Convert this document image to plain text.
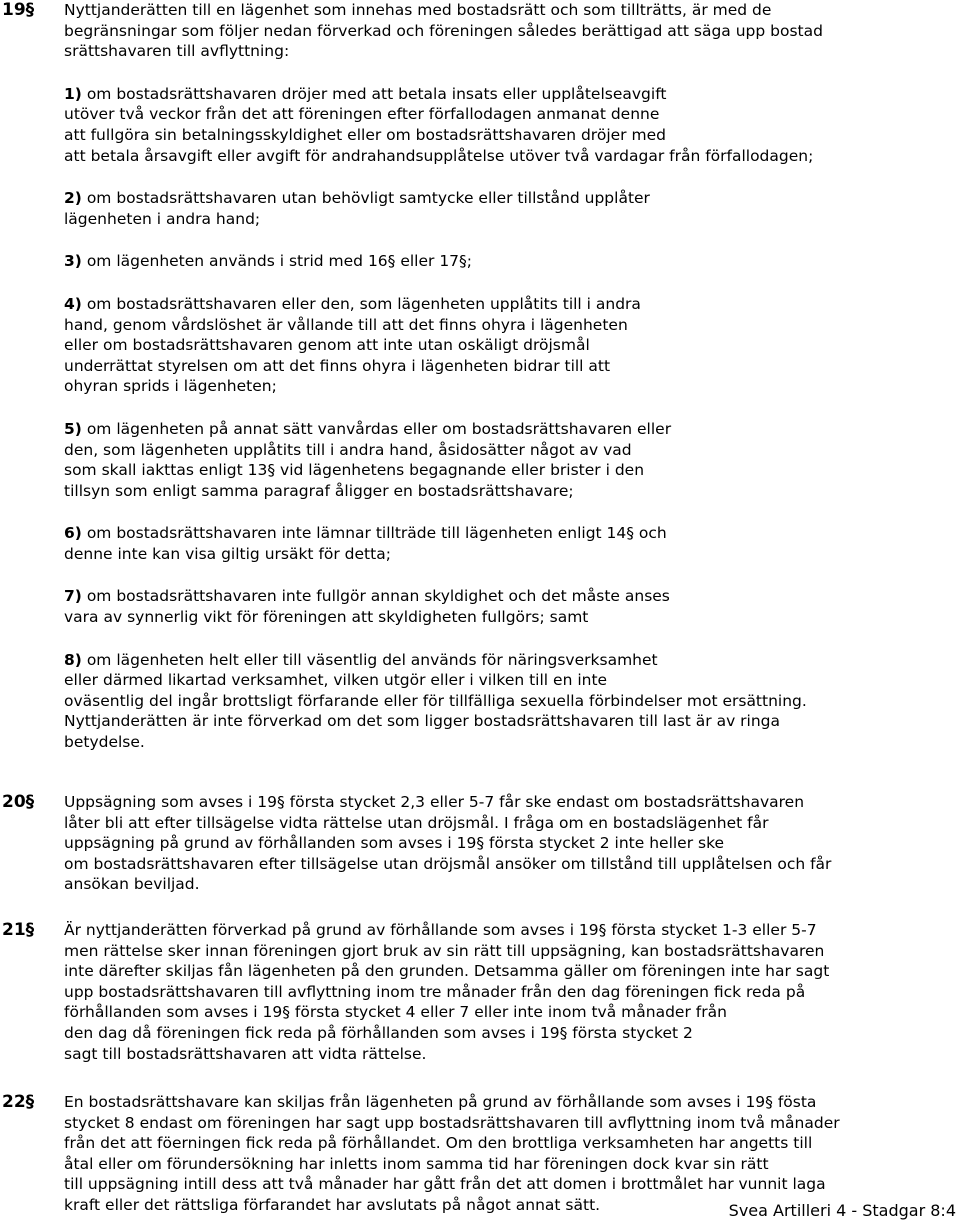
19§ Nyttjanderätten till en lägenhet som innehas med bostadsrätt och som tillträtts, är med de
begränsningar som följer nedan förverkad och föreningen således berättigad att säga upp bostad
srättshavaren till avflyttning:
1) om bostadsrättshavaren dröjer med att betala insats eller upplåtelseavgift
utöver två veckor från det att föreningen efter förfallodagen anmanat denne
att fullgöra sin betalningsskyldighet eller om bostadsrättshavaren dröjer med
att betala årsavgift eller avgift för andrahandsupplåtelse utöver två vardagar från förfallodagen;
2) om bostadsrättshavaren utan behövligt samtycke eller tillstånd upplåter
lägenheten i andra hand;
3) om lägenheten används i strid med 16§ eller 17§;
4) om bostadsrättshavaren eller den, som lägenheten upplåtits till i andra
hand, genom vårdslöshet är vållande till att det finns ohyra i lägenheten
eller om bostadsrättshavaren genom att inte utan oskäligt dröjsmål
underrättat styrelsen om att det finns ohyra i lägenheten bidrar till att
ohyran sprids i lägenheten;
5) om lägenheten på annat sätt vanvårdas eller om bostadsrättshavaren eller
den, som lägenheten upplåtits till i andra hand, åsidosätter något av vad
som skall iakttas enligt 13§ vid lägenhetens begagnande eller brister i den
tillsyn som enligt samma paragraf åligger en bostadsrättshavare;
6) om bostadsrättshavaren inte lämnar tillträde till lägenheten enligt 14§ och
denne inte kan visa giltig ursäkt för detta;
7) om bostadsrättshavaren inte fullgör annan skyldighet och det måste anses
vara av synnerlig vikt för föreningen att skyldigheten fullgörs; samt
8) om lägenheten helt eller till väsentlig del används för näringsverksamhet
eller därmed likartad verksamhet, vilken utgör eller i vilken till en inte
oväsentlig del ingår brottsligt förfarande eller för tillfälliga sexuella förbindelser mot ersättning.
Nyttjanderätten är inte förverkad om det som ligger bostadsrättshavaren till last är av ringa
betydelse.
20§ Uppsägning som avses i 19§ första stycket 2,3 eller 5-7 får ske endast om bostadsrättshavaren
låter bli att efter tillsägelse vidta rättelse utan dröjsmål. I fråga om en bostadslägenhet får
uppsägning på grund av förhållanden som avses i 19§ första stycket 2 inte heller ske
om bostadsrättshavaren efter tillsägelse utan dröjsmål ansöker om tillstånd till upplåtelsen och får
ansökan beviljad.
21§ Är nyttjanderätten förverkad på grund av förhållande som avses i 19§ första stycket 1-3 eller 5-7
men rättelse sker innan föreningen gjort bruk av sin rätt till uppsägning, kan bostadsrättshavaren
inte därefter skiljas fån lägenheten på den grunden. Detsamma gäller om föreningen inte har sagt
upp bostadsrättshavaren till avflyttning inom tre månader från den dag föreningen fick reda på
förhållanden som avses i 19§ första stycket 4 eller 7 eller inte inom två månader från
den dag då föreningen fick reda på förhållanden som avses i 19§ första stycket 2
sagt till bostadsrättshavaren att vidta rättelse.
22§ En bostadsrättshavare kan skiljas från lägenheten på grund av förhållande som avses i 19§ fösta
stycket 8 endast om föreningen har sagt upp bostadsrättshavaren till avflyttning inom två månader
från det att föerningen fick reda på förhållandet. Om den brottliga verksamheten har angetts till
åtal eller om förundersökning har inletts inom samma tid har föreningen dock kvar sin rätt
till uppsägning intill dess att två månader har gått från det att domen i brottmålet har vunnit laga
kraft eller det rättsliga förfarandet har avslutats på något annat sätt.	Svea Artilleri 4 - Stadgar 8:4
